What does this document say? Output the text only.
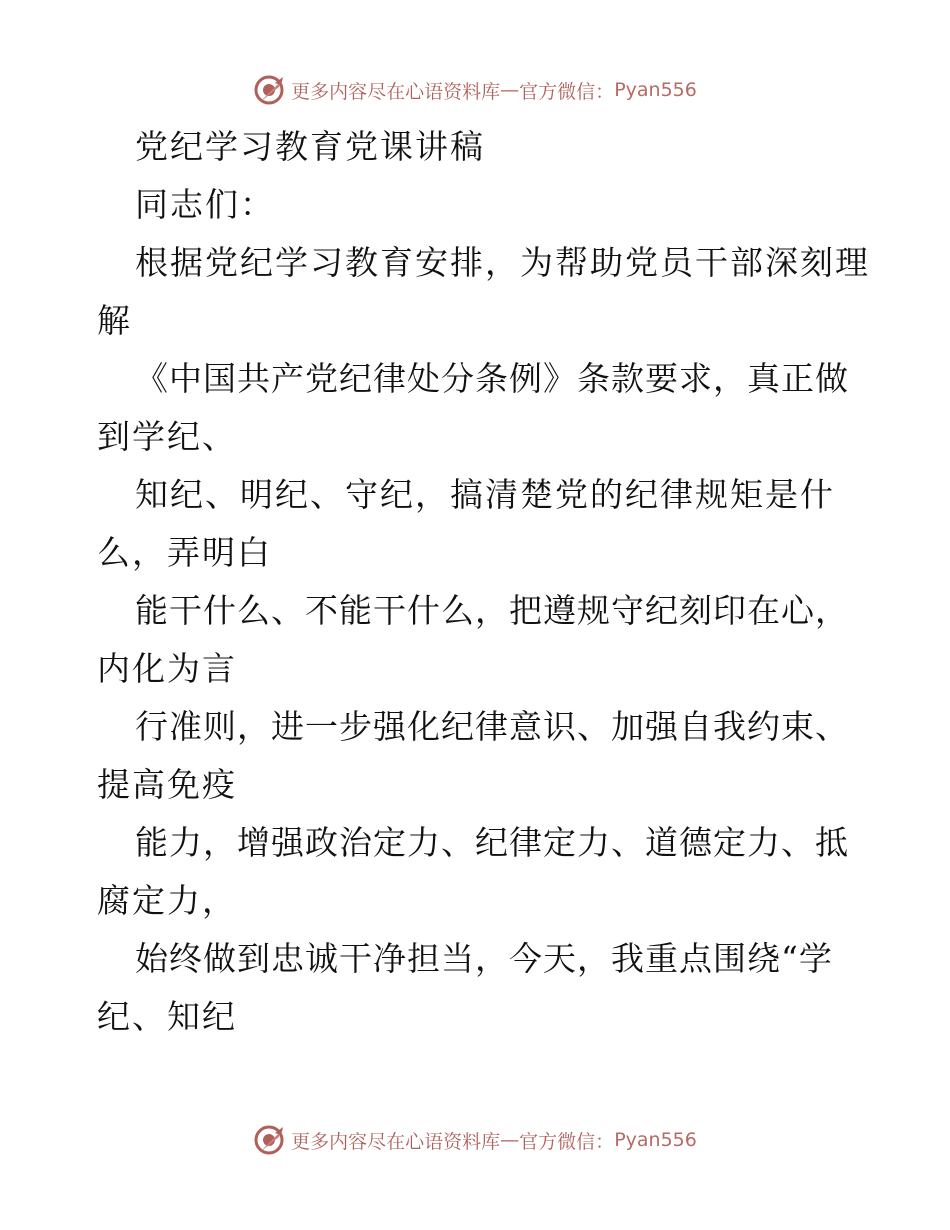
更多内容尽在心语资料库 — 官方微信： Pyan556
党纪学习教育党课讲稿
同志们：
根据党纪学习教育安排，为帮助党员干部深刻理
解
《中国共产党纪律处分条例》条款要求，真正做
到学纪、
知纪、明纪、守纪，搞清楚党的纪律规矩是什
么，弄明白
能干什么、不能干什么，把遵规守纪刻印在心，
内化为言
行准则，进一步强化纪律意识、加强自我约束、
提高免疫
能力，增强政治定力、纪律定力、道德定力、抵
腐定力，
始终做到忠诚干净担当，今天，我重点围绕“学
纪、知纪
更多内容尽在心语资料库 — 官方微信： Pyan556
